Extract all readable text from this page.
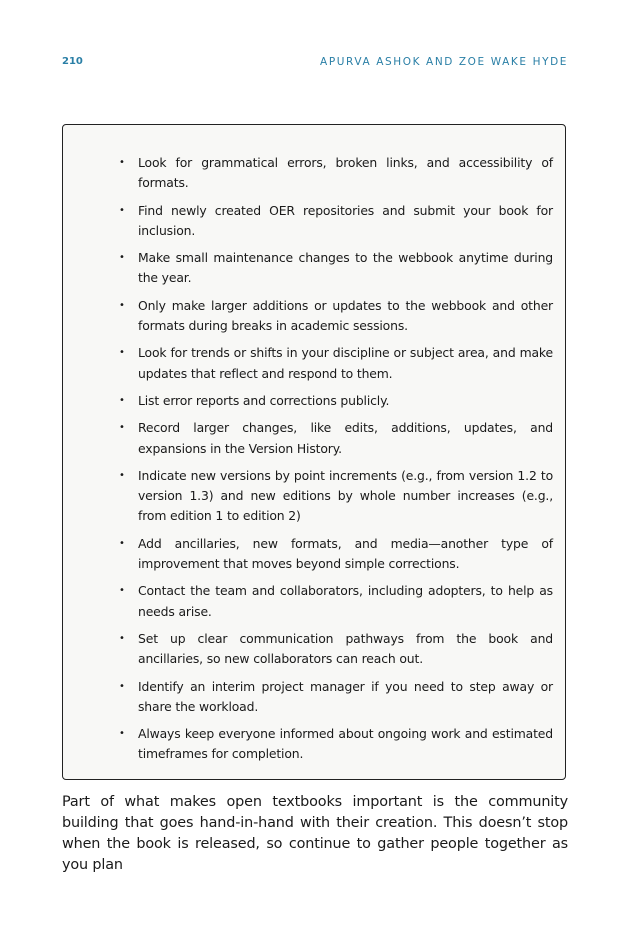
210	APURVA ASHOK AND ZOE WAKE HYDE
• Look for grammatical errors, broken links, and accessibility of formats.
• Find newly created OER repositories and submit your book for inclusion.
• Make small maintenance changes to the webbook anytime during the year.
• Only make larger additions or updates to the webbook and other formats during breaks in academic sessions.
• Look for trends or shifts in your discipline or subject area, and make updates that reflect and respond to them.
• List error reports and corrections publicly.
• Record larger changes, like edits, additions, updates, and expansions in the Version History.
• Indicate new versions by point increments (e.g., from version 1.2 to version 1.3) and new editions by whole number increases (e.g., from edition 1 to edition 2)
• Add ancillaries, new formats, and media—another type of improvement that moves beyond simple corrections.
• Contact the team and collaborators, including adopters, to help as needs arise.
• Set up clear communication pathways from the book and ancillaries, so new collaborators can reach out.
• Identify an interim project manager if you need to step away or share the workload.
• Always keep everyone informed about ongoing work and estimated timeframes for completion.

Part of what makes open textbooks important is the community building that goes hand-in-hand with their creation. This doesn’t stop when the book is released, so continue to gather people together as you plan
